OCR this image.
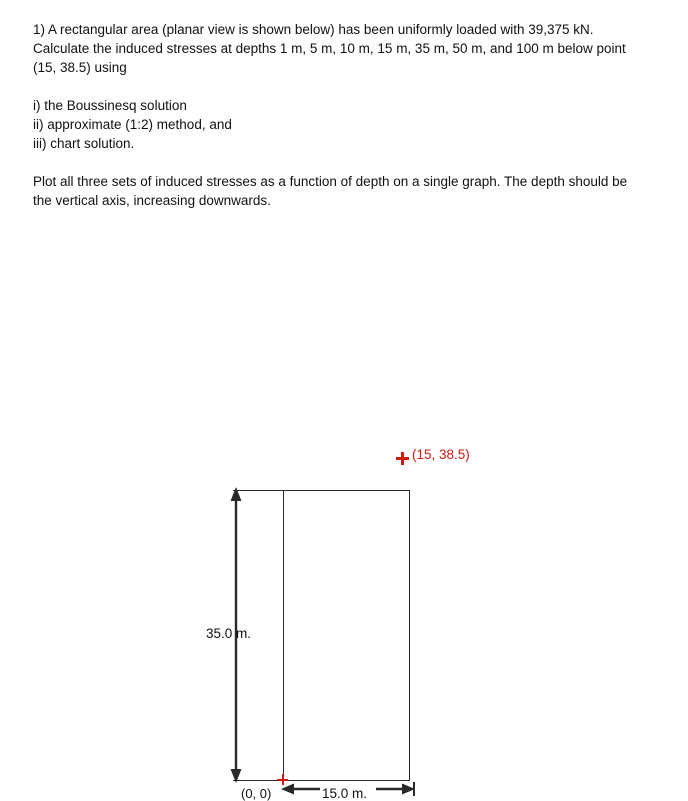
1) A rectangular area (planar view is shown below) has been uniformly loaded with 39,375 kN. Calculate the induced stresses at depths 1 m, 5 m, 10 m, 15 m, 35 m, 50 m, and 100 m below point (15, 38.5) using

i) the Boussinesq solution

ii) approximate (1:2) method, and

iii) chart solution.

Plot all three sets of induced stresses as a function of depth on a single graph. The depth should be the vertical axis, increasing downwards.

(15, 38.5)
35.0 m.
15.0 m.
(0, 0)
